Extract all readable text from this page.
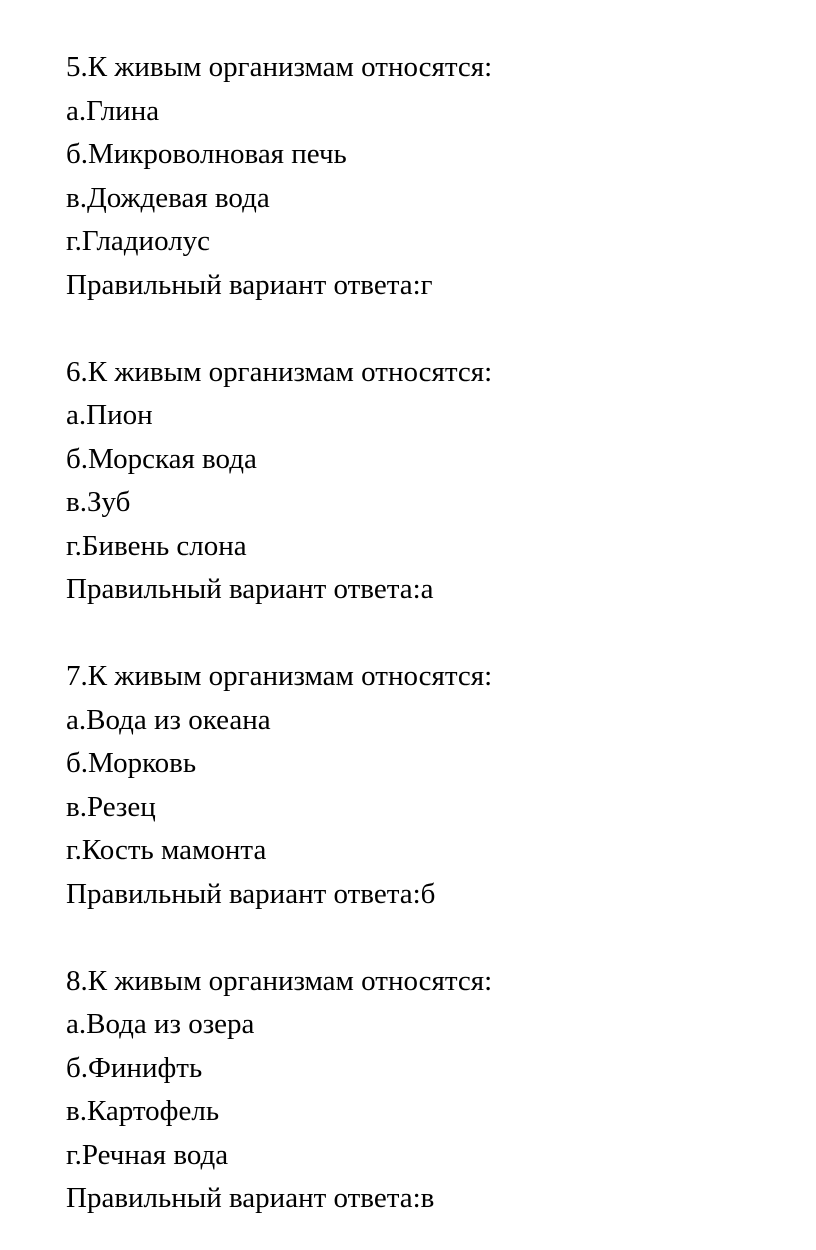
5.К живым организмам относятся:
а.Глина
б.Микроволновая печь
в.Дождевая вода
г.Гладиолус
Правильный вариант ответа:г
6.К живым организмам относятся:
а.Пион
б.Морская вода
в.Зуб
г.Бивень слона
Правильный вариант ответа:а
7.К живым организмам относятся:
а.Вода из океана
б.Морковь
в.Резец
г.Кость мамонта
Правильный вариант ответа:б
8.К живым организмам относятся:
а.Вода из озера
б.Финифть
в.Картофель
г.Речная вода
Правильный вариант ответа:в
